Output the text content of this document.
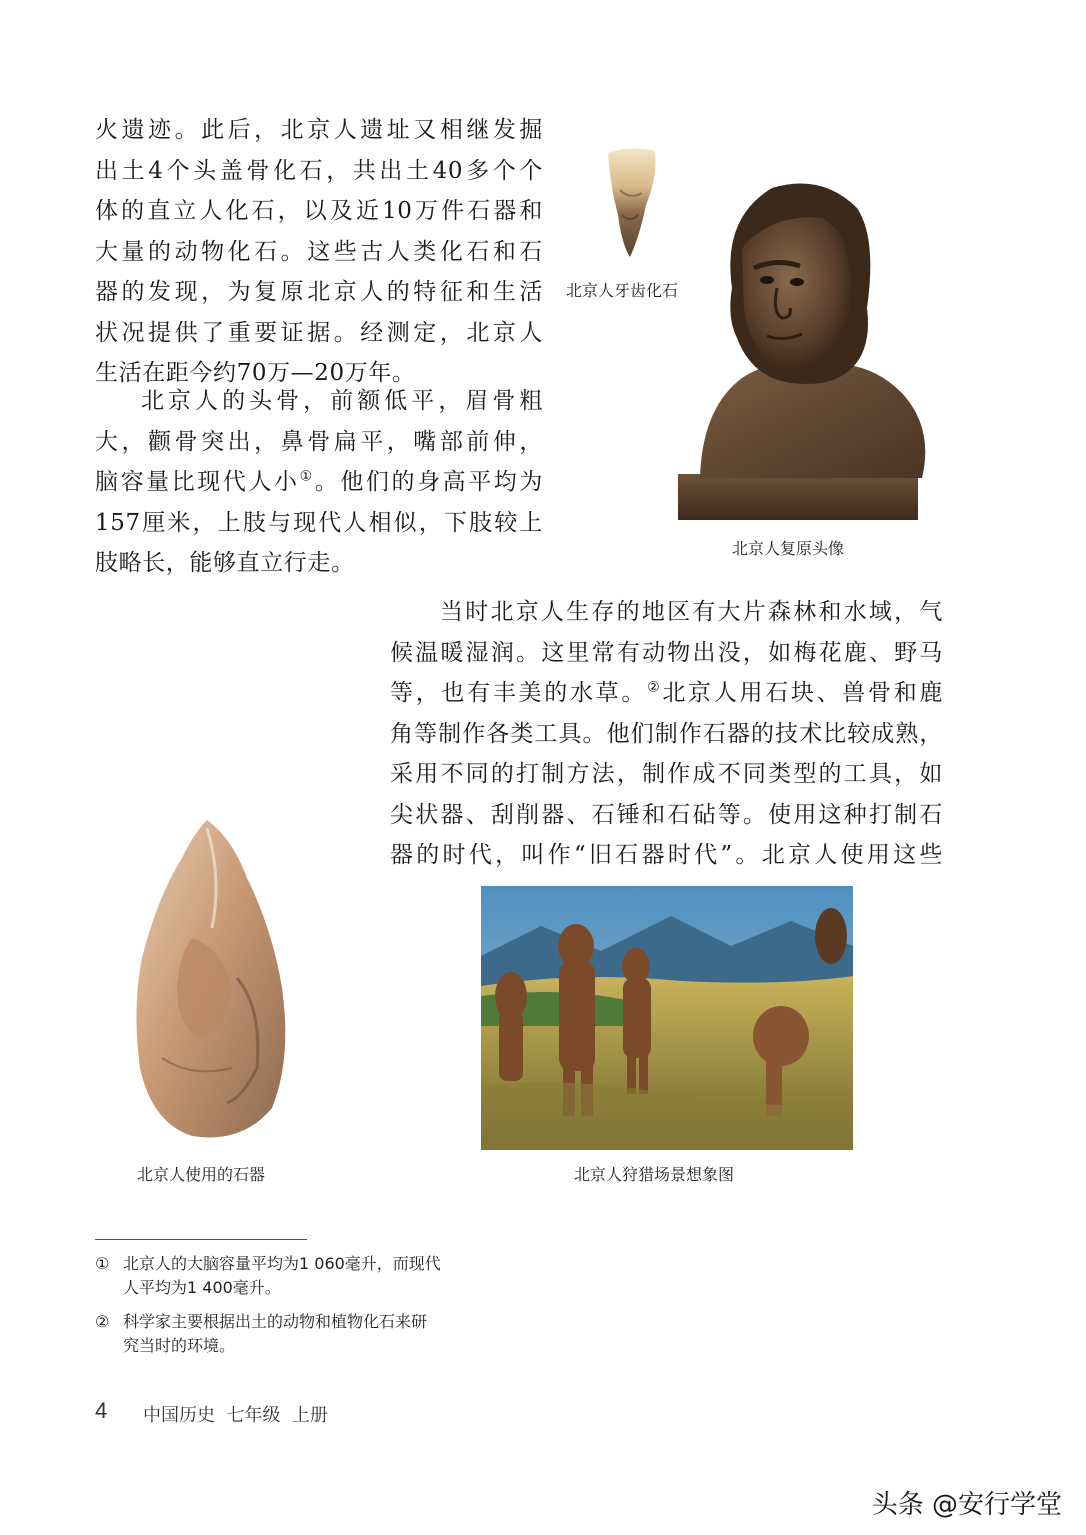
火遗迹。此后，北京人遗址又相继发掘
出土4个头盖骨化石，共出土40多个个
体的直立人化石，以及近10万件石器和
大量的动物化石。这些古人类化石和石
器的发现，为复原北京人的特征和生活
状况提供了重要证据。经测定，北京人
生活在距今约70万—20万年。
北京人的头骨，前额低平，眉骨粗
大，颧骨突出，鼻骨扁平，嘴部前伸，
脑容量比现代人小①。他们的身高平均为
157厘米，上肢与现代人相似，下肢较上
肢略长，能够直立行走。
北京人牙齿化石
北京人复原头像
当时北京人生存的地区有大片森林和水域，气
候温暖湿润。这里常有动物出没，如梅花鹿、野马
等，也有丰美的水草。②北京人用石块、兽骨和鹿
角等制作各类工具。他们制作石器的技术比较成熟，
采用不同的打制方法，制作成不同类型的工具，如
尖状器、刮削器、石锤和石砧等。使用这种打制石
器的时代，叫作“旧石器时代”。北京人使用这些
北京人使用的石器	北京人狩猎场景想象图
① 北京人的大脑容量平均为1 060毫升，而现代
人平均为1 400毫升。
② 科学家主要根据出土的动物和植物化石来研
究当时的环境。
4 中国历史  七年级  上册
头条 @安行学堂
